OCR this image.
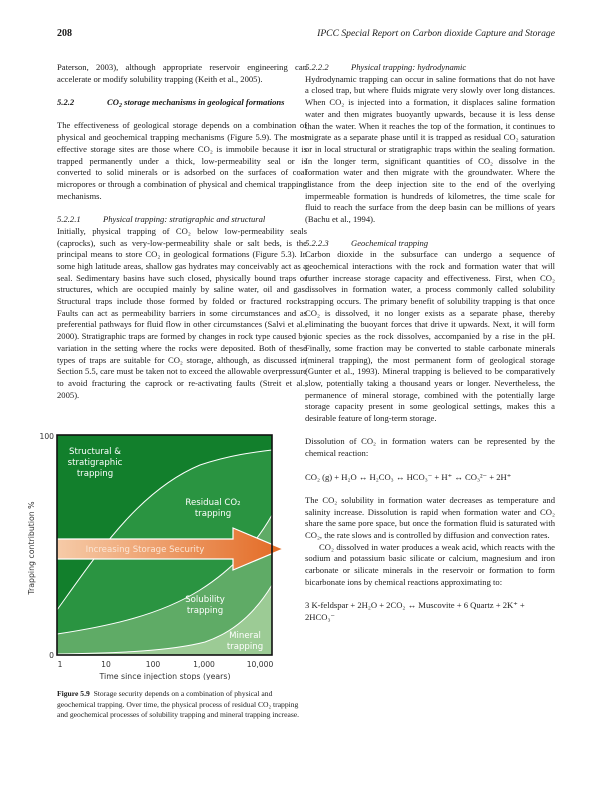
208	IPCC Special Report on Carbon dioxide Capture and Storage

Paterson, 2003), although appropriate reservoir engineering can accelerate or modify solubility trapping (Keith et al., 2005).

5.2.2	$CO_2$ storage mechanisms in geological formations

The effectiveness of geological storage depends on a combination of physical and geochemical trapping mechanisms (Figure 5.9). The most effective storage sites are those where CO₂ is immobile because it is trapped permanently under a thick, low-permeability seal or is converted to solid minerals or is adsorbed on the surfaces of coal micropores or through a combination of physical and chemical trapping mechanisms.

5.2.2.1	Physical trapping: stratigraphic and structural

Initially, physical trapping of CO₂ below low-permeability seals (caprocks), such as very-low-permeability shale or salt beds, is the principal means to store CO₂ in geological formations (Figure 5.3). In some high latitude areas, shallow gas hydrates may conceivably act as a seal. Sedimentary basins have such closed, physically bound traps or structures, which are occupied mainly by saline water, oil and gas. Structural traps include those formed by folded or fractured rocks. Faults can act as permeability barriers in some circumstances and as preferential pathways for fluid flow in other circumstances (Salvi et al., 2000). Stratigraphic traps are formed by changes in rock type caused by variation in the setting where the rocks were deposited. Both of these types of traps are suitable for CO₂ storage, although, as discussed in Section 5.5, care must be taken not to exceed the allowable overpressure to avoid fracturing the caprock or re-activating faults (Streit et al., 2005).

Structural &
stratigraphic
trapping
Residual CO₂
trapping
Solubility
trapping
Mineral
trapping
Increasing Storage Security
100
0
1	10	100	1,000	10,000
Time since injection stops (years)
Trapping contribution %
Figure 5.9 Storage security depends on a combination of physical and geochemical trapping. Over time, the physical process of residual CO₂ trapping and geochemical processes of solubility trapping and mineral trapping increase.

5.2.2.2	Physical trapping: hydrodynamic

Hydrodynamic trapping can occur in saline formations that do not have a closed trap, but where fluids migrate very slowly over long distances. When CO₂ is injected into a formation, it displaces saline formation water and then migrates buoyantly upwards, because it is less dense than the water. When it reaches the top of the formation, it continues to migrate as a separate phase until it is trapped as residual CO₂ saturation or in local structural or stratigraphic traps within the sealing formation. In the longer term, significant quantities of CO₂ dissolve in the formation water and then migrate with the groundwater. Where the distance from the deep injection site to the end of the overlying impermeable formation is hundreds of kilometres, the time scale for fluid to reach the surface from the deep basin can be millions of years (Bachu et al., 1994).

5.2.2.3	Geochemical trapping

Carbon dioxide in the subsurface can undergo a sequence of geochemical interactions with the rock and formation water that will further increase storage capacity and effectiveness. First, when CO₂ dissolves in formation water, a process commonly called solubility trapping occurs. The primary benefit of solubility trapping is that once CO₂ is dissolved, it no longer exists as a separate phase, thereby eliminating the buoyant forces that drive it upwards. Next, it will form ionic species as the rock dissolves, accompanied by a rise in the pH. Finally, some fraction may be converted to stable carbonate minerals (mineral trapping), the most permanent form of geological storage (Gunter et al., 1993). Mineral trapping is believed to be comparatively slow, potentially taking a thousand years or longer. Nevertheless, the permanence of mineral storage, combined with the potentially large storage capacity present in some geological settings, makes this a desirable feature of long-term storage.

Dissolution of CO₂ in formation waters can be represented by the chemical reaction:

CO₂ (g) + H₂O ↔ H₂CO₃ ↔ HCO₃⁻ + H⁺ ↔ CO₃²⁻ + 2H⁺

The CO₂ solubility in formation water decreases as temperature and salinity increase. Dissolution is rapid when formation water and CO₂ share the same pore space, but once the formation fluid is saturated with CO₂, the rate slows and is controlled by diffusion and convection rates.

CO₂ dissolved in water produces a weak acid, which reacts with the sodium and potassium basic silicate or calcium, magnesium and iron carbonate or silicate minerals in the reservoir or formation to form bicarbonate ions by chemical reactions approximating to:

3 K-feldspar + 2H₂O + 2CO₂ ↔ Muscovite + 6 Quartz + 2K⁺ + 2HCO₃⁻
